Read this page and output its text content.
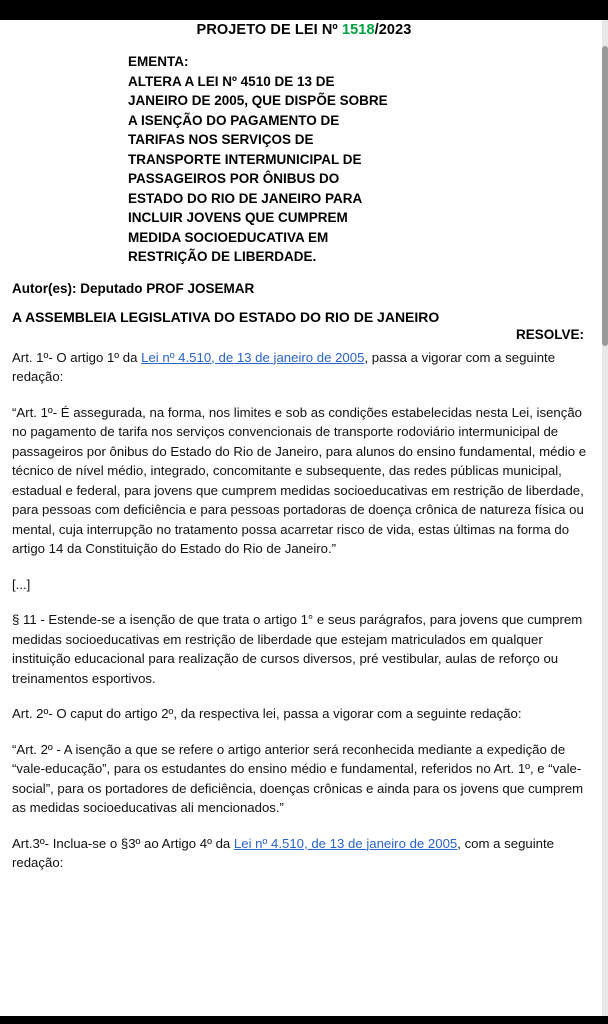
PROJETO DE LEI Nº 1518/2023
EMENTA:
ALTERA A LEI Nº 4510 DE 13 DE JANEIRO DE 2005, QUE DISPÕE SOBRE A ISENÇÃO DO PAGAMENTO DE TARIFAS NOS SERVIÇOS DE TRANSPORTE INTERMUNICIPAL DE PASSAGEIROS POR ÔNIBUS DO ESTADO DO RIO DE JANEIRO PARA INCLUIR JOVENS QUE CUMPREM MEDIDA SOCIOEDUCATIVA EM RESTRIÇÃO DE LIBERDADE.
Autor(es): Deputado PROF JOSEMAR
A ASSEMBLEIA LEGISLATIVA DO ESTADO DO RIO DE JANEIRO
RESOLVE:

Art. 1º- O artigo 1º da Lei nº 4.510, de 13 de janeiro de 2005, passa a vigorar com a seguinte redação:

“Art. 1º- É assegurada, na forma, nos limites e sob as condições estabelecidas nesta Lei, isenção no pagamento de tarifa nos serviços convencionais de transporte rodoviário intermunicipal de passageiros por ônibus do Estado do Rio de Janeiro, para alunos do ensino fundamental, médio e técnico de nível médio, integrado, concomitante e subsequente, das redes públicas municipal, estadual e federal, para jovens que cumprem medidas socioeducativas em restrição de liberdade, para pessoas com deficiência e para pessoas portadoras de doença crônica de natureza física ou mental, cuja interrupção no tratamento possa acarretar risco de vida, estas últimas na forma do artigo 14 da Constituição do Estado do Rio de Janeiro.”

[...]

§ 11 - Estende-se a isenção de que trata o artigo 1° e seus parágrafos, para jovens que cumprem medidas socioeducativas em restrição de liberdade que estejam matriculados em qualquer instituição educacional para realização de cursos diversos, pré vestibular, aulas de reforço ou treinamentos esportivos.

Art. 2º- O caput do artigo 2º, da respectiva lei, passa a vigorar com a seguinte redação:

“Art. 2º - A isenção a que se refere o artigo anterior será reconhecida mediante a expedição de “vale-educação”, para os estudantes do ensino médio e fundamental, referidos no Art. 1º, e “vale-social”, para os portadores de deficiência, doenças crônicas e ainda para os jovens que cumprem as medidas socioeducativas ali mencionados.”

Art.3º- Inclua-se o §3º ao Artigo 4º da Lei nº 4.510, de 13 de janeiro de 2005, com a seguinte redação:
